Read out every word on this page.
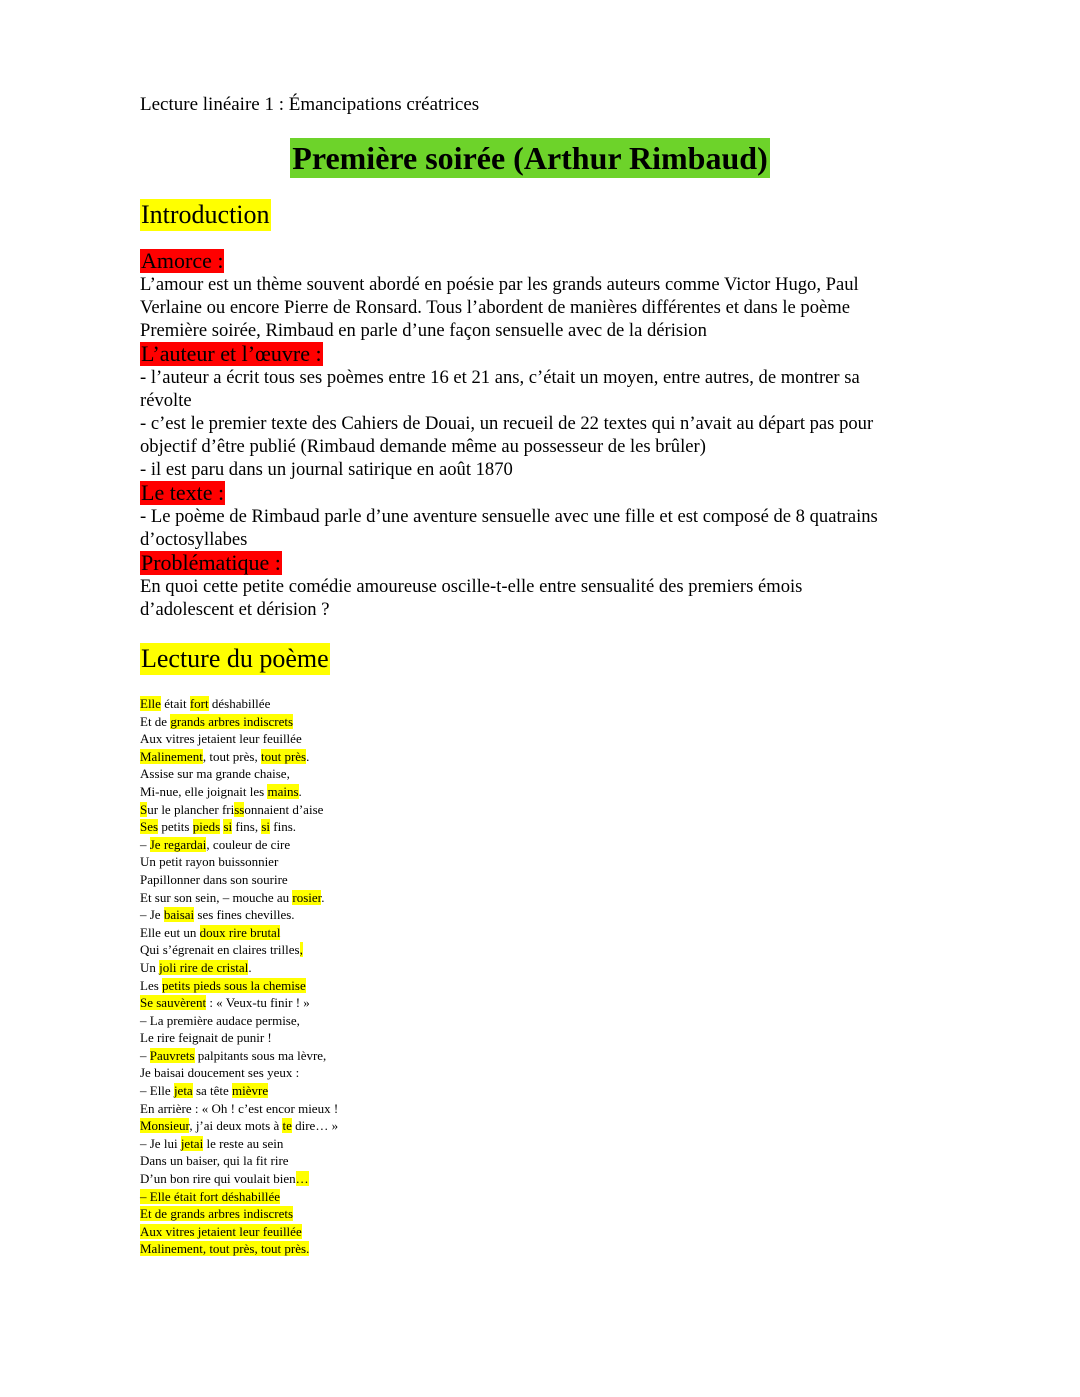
Lecture linéaire 1 : Émancipations créatrices

Première soirée (Arthur Rimbaud)
Introduction
Amorce :

L’amour est un thème souvent abordé en poésie par les grands auteurs comme Victor Hugo, Paul

Verlaine ou encore Pierre de Ronsard. Tous l’abordent de manières différentes et dans le poème

Première soirée, Rimbaud en parle d’une façon sensuelle avec de la dérision

L’auteur et l’œuvre :

- l’auteur a écrit tous ses poèmes entre 16 et 21 ans, c’était un moyen, entre autres, de montrer sa

révolte

- c’est le premier texte des Cahiers de Douai, un recueil de 22 textes qui n’avait au départ pas pour

objectif d’être publié (Rimbaud demande même au possesseur de les brûler)

- il est paru dans un journal satirique en août 1870

Le texte :

- Le poème de Rimbaud parle d’une aventure sensuelle avec une fille et est composé de 8 quatrains

d’octosyllabes

Problématique :

En quoi cette petite comédie amoureuse oscille-t-elle entre sensualité des premiers émois

d’adolescent et dérision ?

Lecture du poème
Elle était fort déshabillée
Et de grands arbres indiscrets
Aux vitres jetaient leur feuillée
Malinement, tout près, tout près.
Assise sur ma grande chaise,
Mi-nue, elle joignait les mains.
Sur le plancher frissonnaient d’aise
Ses petits pieds si fins, si fins.
– Je regardai, couleur de cire
Un petit rayon buissonnier
Papillonner dans son sourire
Et sur son sein, – mouche au rosier.
– Je baisai ses fines chevilles.
Elle eut un doux rire brutal
Qui s’égrenait en claires trilles,
Un joli rire de cristal.
Les petits pieds sous la chemise
Se sauvèrent : « Veux-tu finir ! »
– La première audace permise,
Le rire feignait de punir !
– Pauvrets palpitants sous ma lèvre,
Je baisai doucement ses yeux :
– Elle jeta sa tête mièvre
En arrière : « Oh ! c’est encor mieux !
Monsieur, j’ai deux mots à te dire… »
– Je lui jetai le reste au sein
Dans un baiser, qui la fit rire
D’un bon rire qui voulait bien…
– Elle était fort déshabillée
Et de grands arbres indiscrets
Aux vitres jetaient leur feuillée
Malinement, tout près, tout près.
